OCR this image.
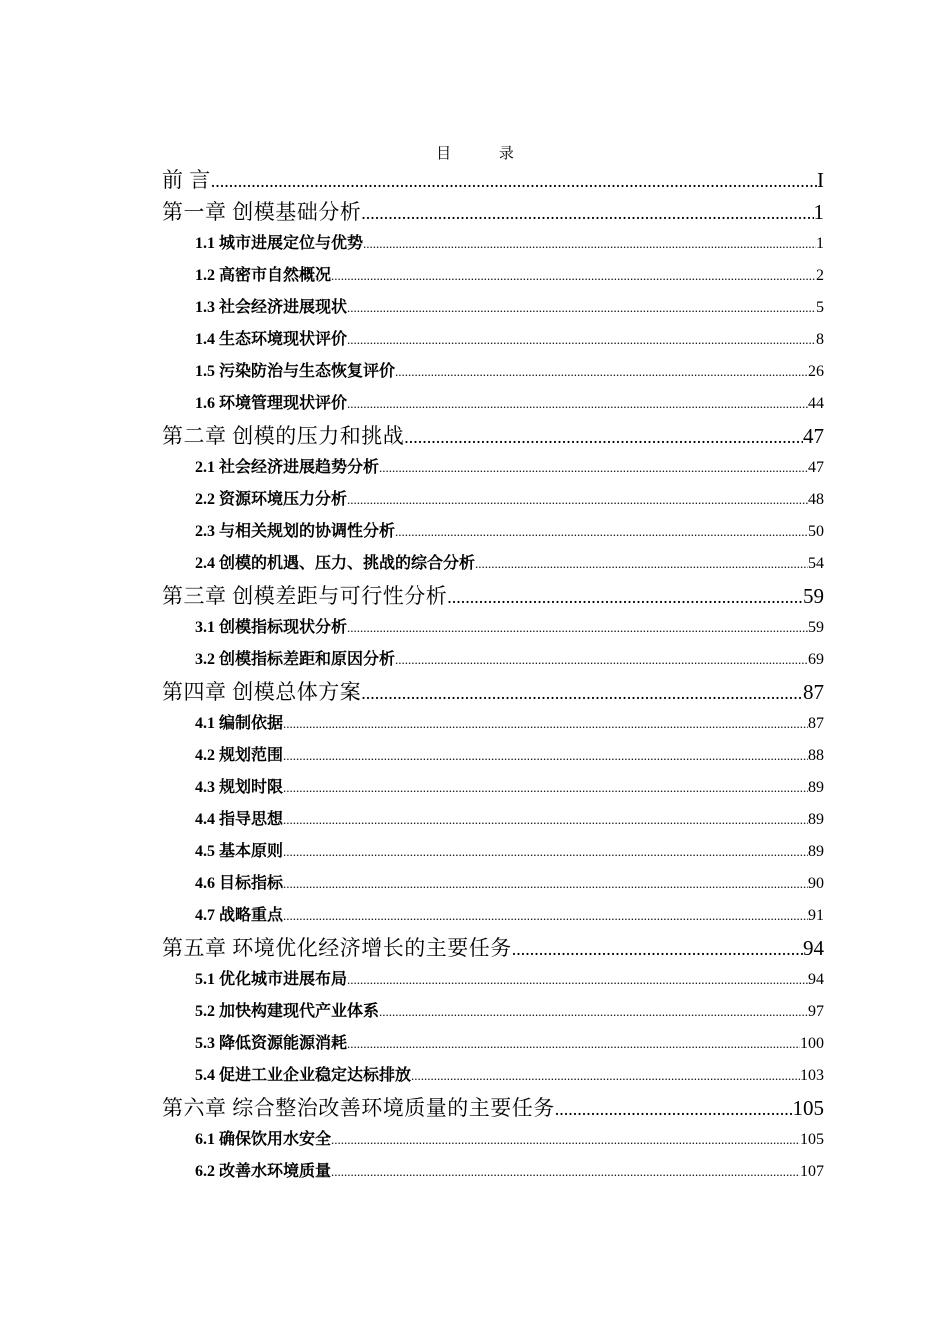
目 录
前 言 .....	I
第一章 创模基础分析 .....	1
1.1 城市进展定位与优势 .....	1
1.2 高密市自然概况 .....	2
1.3 社会经济进展现状 .....	5
1.4 生态环境现状评价 .....	8
1.5 污染防治与生态恢复评价 .....	26
1.6 环境管理现状评价 .....	44
第二章 创模的压力和挑战 .....	47
2.1 社会经济进展趋势分析 .....	47
2.2 资源环境压力分析 .....	48
2.3 与相关规划的协调性分析 .....	50
2.4 创模的机遇、压力、挑战的综合分析 .....	54
第三章 创模差距与可行性分析 .....	59
3.1 创模指标现状分析 .....	59
3.2 创模指标差距和原因分析 .....	69
第四章 创模总体方案 .....	87
4.1 编制依据 .....	87
4.2 规划范围 .....	88
4.3 规划时限 .....	89
4.4 指导思想 .....	89
4.5 基本原则 .....	89
4.6 目标指标 .....	90
4.7 战略重点 .....	91
第五章 环境优化经济增长的主要任务 .....	94
5.1 优化城市进展布局 .....	94
5.2 加快构建现代产业体系 .....	97
5.3 降低资源能源消耗 .....	100
5.4 促进工业企业稳定达标排放 .....	103
第六章 综合整治改善环境质量的主要任务 .....	105
6.1 确保饮用水安全 .....	105
6.2 改善水环境质量 .....	107
